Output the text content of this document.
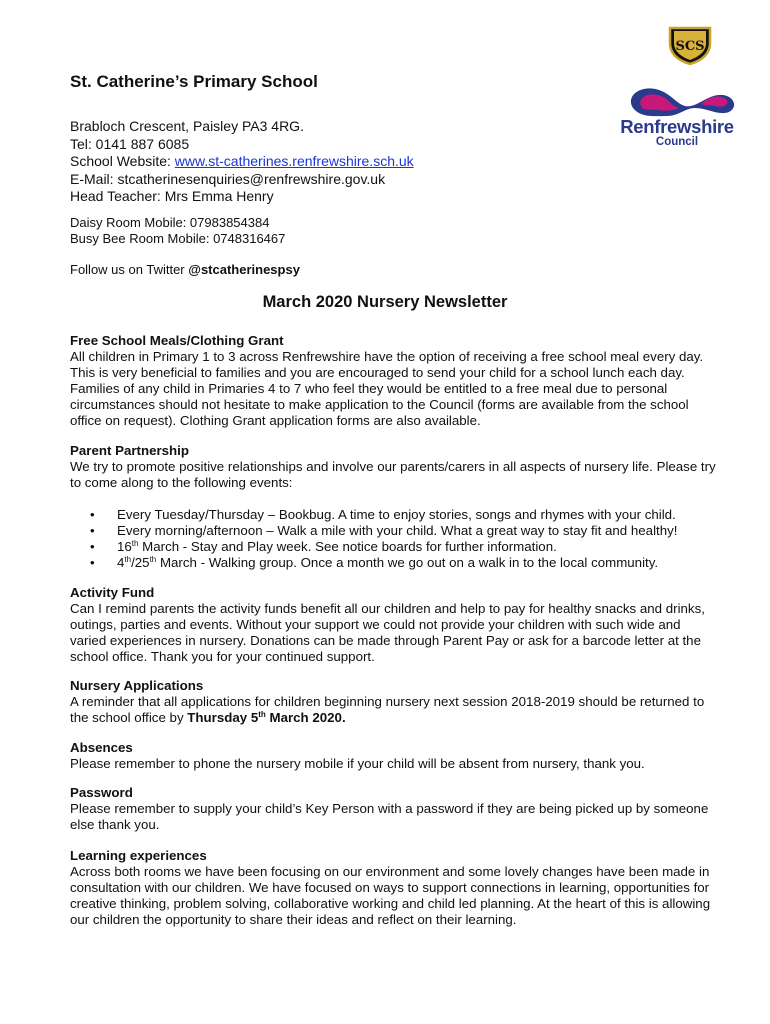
St. Catherine’s Primary School
Brabloch Crescent, Paisley PA3 4RG.
Tel: 0141 887 6085
School Website: www.st-catherines.renfrewshire.sch.uk
E-Mail: stcatherinesenquiries@renfrewshire.gov.uk
Head Teacher: Mrs Emma Henry
Daisy Room Mobile: 07983854384
Busy Bee Room Mobile: 0748316467
Follow us on Twitter @stcatherinespsy
SCS
Renfrewshire
Council
March 2020 Nursery Newsletter
Free School Meals/Clothing Grant

All children in Primary 1 to 3 across Renfrewshire have the option of receiving a free school meal every day. This is very beneficial to families and you are encouraged to send your child for a school lunch each day. Families of any child in Primaries 4 to 7 who feel they would be entitled to a free meal due to personal circumstances should not hesitate to make application to the Council (forms are available from the school office on request). Clothing Grant application forms are also available.

Parent Partnership

We try to promote positive relationships and involve our parents/carers in all aspects of nursery life. Please try to come along to the following events:

• Every Tuesday/Thursday – Bookbug. A time to enjoy stories, songs and rhymes with your child.
• Every morning/afternoon – Walk a mile with your child. What a great way to stay fit and healthy!
• 16th March - Stay and Play week. See notice boards for further information.
• 4th/25th March - Walking group. Once a month we go out on a walk in to the local community.
Activity Fund

Can I remind parents the activity funds benefit all our children and help to pay for healthy snacks and drinks, outings, parties and events. Without your support we could not provide your children with such wide and varied experiences in nursery. Donations can be made through Parent Pay or ask for a barcode letter at the school office. Thank you for your continued support.

Nursery Applications

A reminder that all applications for children beginning nursery next session 2018-2019 should be returned to the school office by Thursday 5th March 2020.

Absences

Please remember to phone the nursery mobile if your child will be absent from nursery, thank you.

Password

Please remember to supply your child’s Key Person with a password if they are being picked up by someone else thank you.

Learning experiences

Across both rooms we have been focusing on our environment and some lovely changes have been made in consultation with our children. We have focused on ways to support connections in learning, opportunities for creative thinking, problem solving, collaborative working and child led planning. At the heart of this is allowing our children the opportunity to share their ideas and reflect on their learning.
